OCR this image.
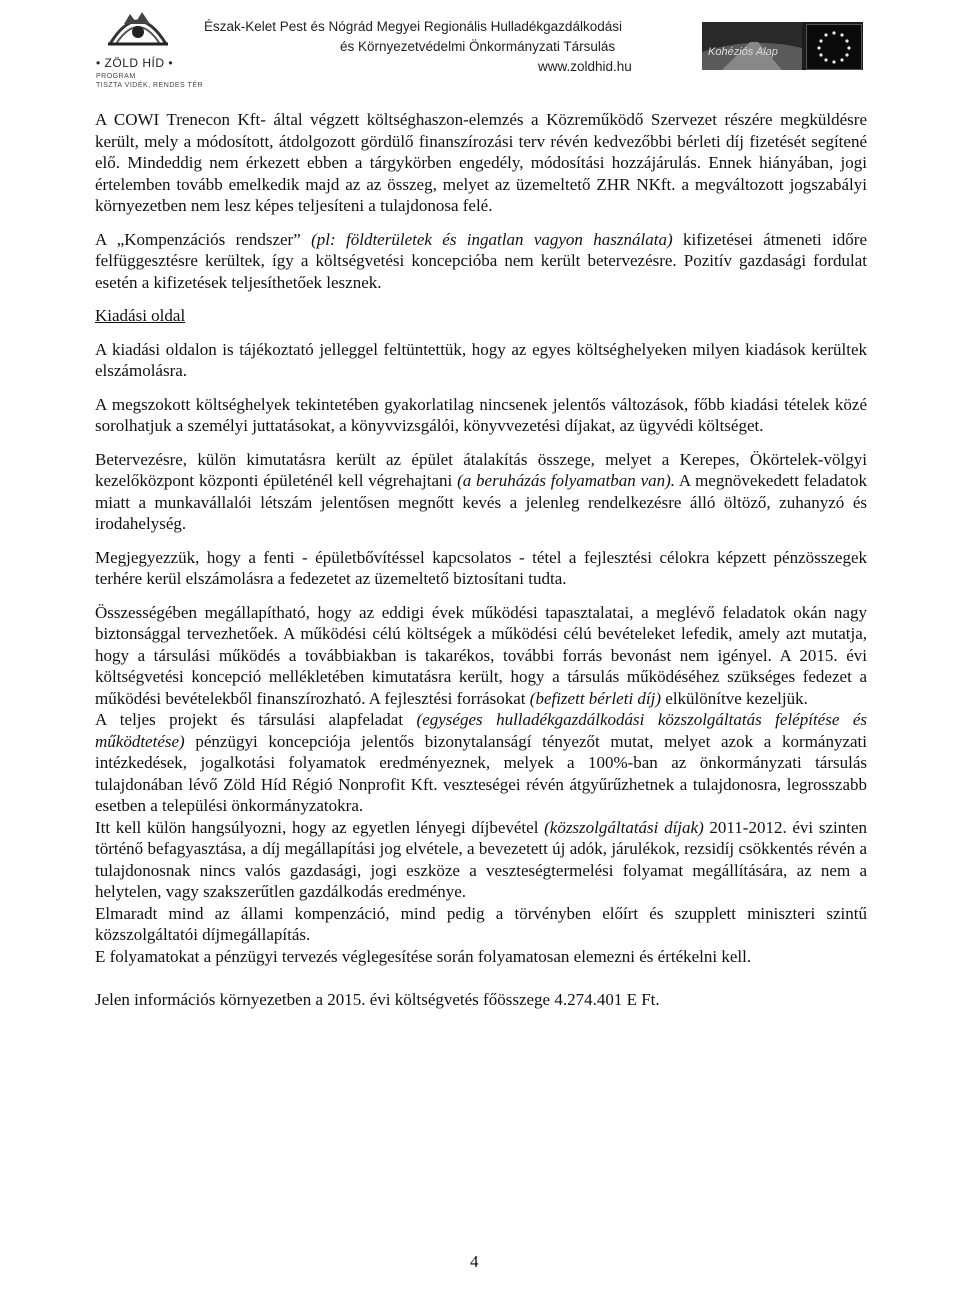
• ZÖLD HÍD •
PROGRAM
TISZTA VIDÉK, RENDES TÉR
Észak-Kelet Pest és Nógrád Megyei Regionális Hulladékgazdálkodási
és Környezetvédelmi Önkormányzati Társulás
www.zoldhid.hu
Kohéziós Alap

A COWI Trenecon Kft- által végzett költséghaszon-elemzés a Közreműködő Szervezet részére megküldésre került, mely a módosított, átdolgozott gördülő finanszírozási terv révén kedvezőbbi bérleti díj fizetését segítené elő. Mindeddig nem érkezett ebben a tárgykörben engedély, módosítási hozzájárulás. Ennek hiányában, jogi értelemben tovább emelkedik majd az az összeg, melyet az üzemeltető ZHR NKft. a megváltozott jogszabályi környezetben nem lesz képes teljesíteni a tulajdonosa felé.

A „Kompenzációs rendszer” (pl: földterületek és ingatlan vagyon használata) kifizetései átmeneti időre felfüggesztésre kerültek, így a költségvetési koncepcióba nem került betervezésre. Pozitív gazdasági fordulat esetén a kifizetések teljesíthetőek lesznek.

Kiadási oldal

A kiadási oldalon is tájékoztató jelleggel feltüntettük, hogy az egyes költséghelyeken milyen kiadások kerültek elszámolásra.

A megszokott költséghelyek tekintetében gyakorlatilag nincsenek jelentős változások, főbb kiadási tételek közé sorolhatjuk a személyi juttatásokat, a könyvvizsgálói, könyvvezetési díjakat, az ügyvédi költséget.

Betervezésre, külön kimutatásra került az épület átalakítás összege, melyet a Kerepes, Ökörtelek-völgyi kezelőközpont központi épületénél kell végrehajtani (a beruházás folyamatban van). A megnövekedett feladatok miatt a munkavállalói létszám jelentősen megnőtt kevés a jelenleg rendelkezésre álló öltöző, zuhanyzó és irodahelység.

Megjegyezzük, hogy a fenti - épületbővítéssel kapcsolatos - tétel a fejlesztési célokra képzett pénzösszegek terhére kerül elszámolásra a fedezetet az üzemeltető biztosítani tudta.

Összességében megállapítható, hogy az eddigi évek működési tapasztalatai, a meglévő feladatok okán nagy biztonsággal tervezhetőek. A működési célú költségek a működési célú bevételeket lefedik, amely azt mutatja, hogy a társulási működés a továbbiakban is takarékos, további forrás bevonást nem igényel. A 2015. évi költségvetési koncepció mellékletében kimutatásra került, hogy a társulás működéséhez szükséges fedezet a működési bevételekből finanszírozható. A fejlesztési forrásokat (befizett bérleti díj) elkülönítve kezeljük.

A teljes projekt és társulási alapfeladat (egységes hulladékgazdálkodási közszolgáltatás felépítése és működtetése) pénzügyi koncepciója jelentős bizonytalanságí tényezőt mutat, melyet azok a kormányzati intézkedések, jogalkotási folyamatok eredményeznek, melyek a 100%-ban az önkormányzati társulás tulajdonában lévő Zöld Híd Régió Nonprofit Kft. veszteségei révén átgyűrűzhetnek a tulajdonosra, legrosszabb esetben a települési önkormányzatokra.

Itt kell külön hangsúlyozni, hogy az egyetlen lényegi díjbevétel (közszolgáltatási díjak) 2011-2012. évi szinten történő befagyasztása, a díj megállapítási jog elvétele, a bevezetett új adók, járulékok, rezsidíj csökkentés révén a tulajdonosnak nincs valós gazdasági, jogi eszköze a veszteségtermelési folyamat megállítására, az nem a helytelen, vagy szakszerűtlen gazdálkodás eredménye.

Elmaradt mind az állami kompenzáció, mind pedig a törvényben előírt és szupplett miniszteri szintű közszolgáltatói díjmegállapítás.

E folyamatokat a pénzügyi tervezés véglegesítése során folyamatosan elemezni és értékelni kell.

Jelen információs környezetben a 2015. évi költségvetés főösszege 4.274.401 E Ft.

4
